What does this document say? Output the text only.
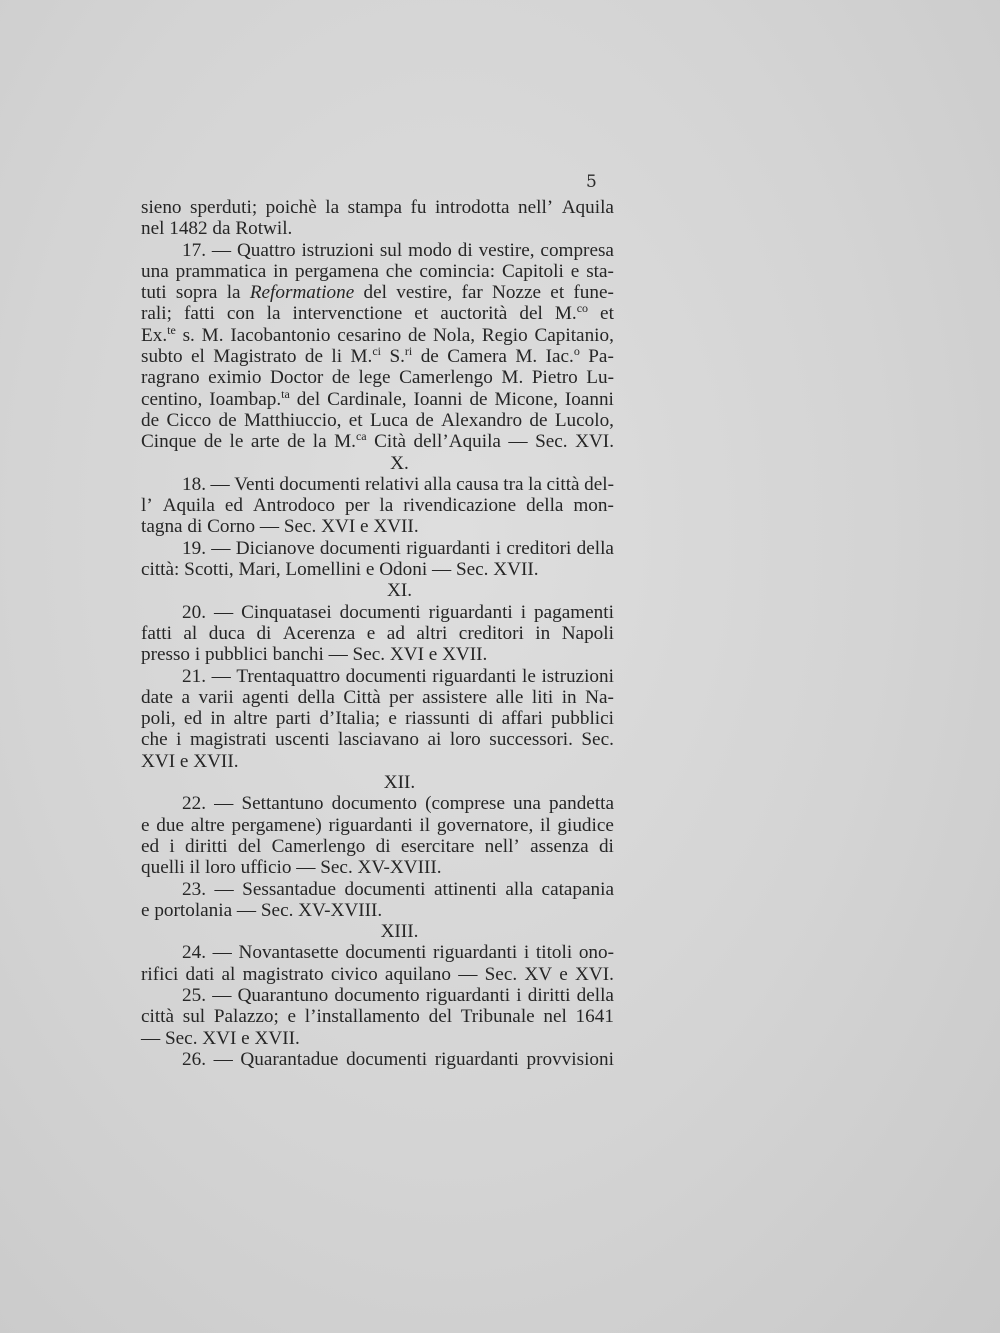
5
sieno sperduti; poichè la stampa fu introdotta nell’ Aquila
nel 1482 da Rotwil.
17. — Quattro istruzioni sul modo di vestire, compresa
una prammatica in pergamena che comincia: Capitoli e sta-
tuti sopra la Reformatione del vestire, far Nozze et fune-
rali; fatti con la intervenctione et auctorità del M.$^{co}$ et
Ex.$^{te}$ s. M. Iacobantonio cesarino de Nola, Regio Capitanio,
subto el Magistrato de li M.$^{ci}$ S.$^{ri}$ de Camera M. Iac.$^o$ Pa-
ragrano eximio Doctor de lege Camerlengo M. Pietro Lu-
centino, Ioambap.$^{ta}$ del Cardinale, Ioanni de Micone, Ioanni
de Cicco de Matthiuccio, et Luca de Alexandro de Lucolo,
Cinque de le arte de la M.$^{ca}$ Cità dell’Aquila — Sec. XVI.
X.
18. — Venti documenti relativi alla causa tra la città del-
l’ Aquila ed Antrodoco per la rivendicazione della mon-
tagna di Corno — Sec. XVI e XVII.
19. — Dicianove documenti riguardanti i creditori della
città: Scotti, Mari, Lomellini e Odoni — Sec. XVII.
XI.
20. — Cinquatasei documenti riguardanti i pagamenti
fatti al duca di Acerenza e ad altri creditori in Napoli
presso i pubblici banchi — Sec. XVI e XVII.
21. — Trentaquattro documenti riguardanti le istruzioni
date a varii agenti della Città per assistere alle liti in Na-
poli, ed in altre parti d’Italia; e riassunti di affari pubblici
che i magistrati uscenti lasciavano ai loro successori. Sec.
XVI e XVII.
XII.
22. — Settantuno documento (comprese una pandetta
e due altre pergamene) riguardanti il governatore, il giudice
ed i diritti del Camerlengo di esercitare nell’ assenza di
quelli il loro ufficio — Sec. XV-XVIII.
23. — Sessantadue documenti attinenti alla catapania
e portolania — Sec. XV-XVIII.
XIII.
24. — Novantasette documenti riguardanti i titoli ono-
rifici dati al magistrato civico aquilano — Sec. XV e XVI.
25. — Quarantuno documento riguardanti i diritti della
città sul Palazzo; e l’installamento del Tribunale nel 1641
— Sec. XVI e XVII.
26. — Quarantadue documenti riguardanti provvisioni
